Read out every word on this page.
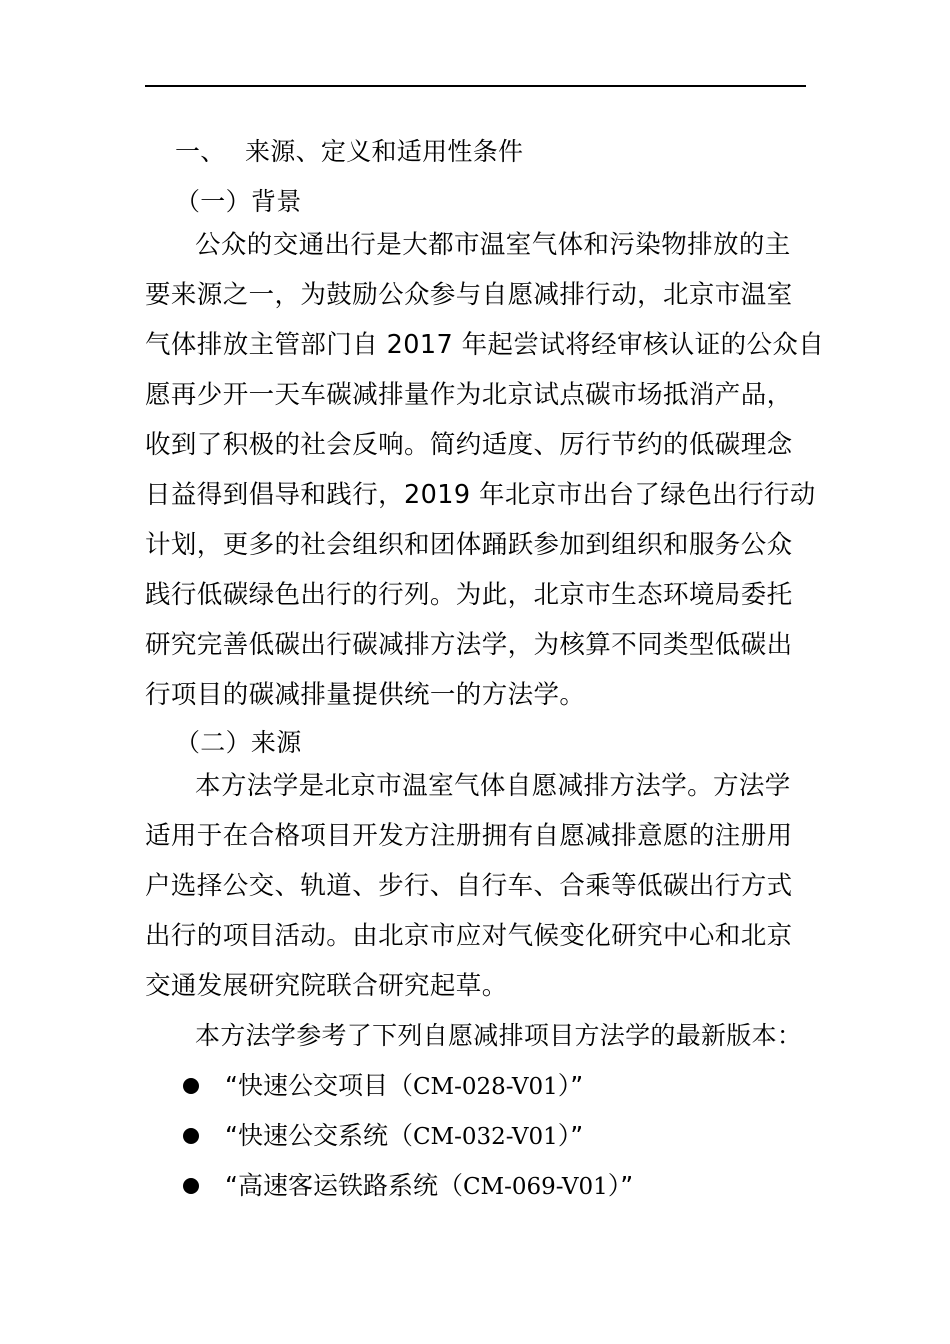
一、 来源、定义和适用性条件
（一）背景
公众的交通出行是大都市温室气体和污染物排放的主
要来源之一，为鼓励公众参与自愿减排行动，北京市温室
气体排放主管部门自 2017 年起尝试将经审核认证的公众自
愿再少开一天车碳减排量作为北京试点碳市场抵消产品，
收到了积极的社会反响。简约适度、厉行节约的低碳理念
日益得到倡导和践行，2019 年北京市出台了绿色出行行动
计划，更多的社会组织和团体踊跃参加到组织和服务公众
践行低碳绿色出行的行列。为此，北京市生态环境局委托
研究完善低碳出行碳减排方法学，为核算不同类型低碳出
行项目的碳减排量提供统一的方法学。
（二）来源
本方法学是北京市温室气体自愿减排方法学。方法学
适用于在合格项目开发方注册拥有自愿减排意愿的注册用
户选择公交、轨道、步行、自行车、合乘等低碳出行方式
出行的项目活动。由北京市应对气候变化研究中心和北京
交通发展研究院联合研究起草。
本方法学参考了下列自愿减排项目方法学的最新版本：
“快速公交项目（CM-028-V01）”
“快速公交系统（CM-032-V01）”
“高速客运铁路系统（CM-069-V01）”
